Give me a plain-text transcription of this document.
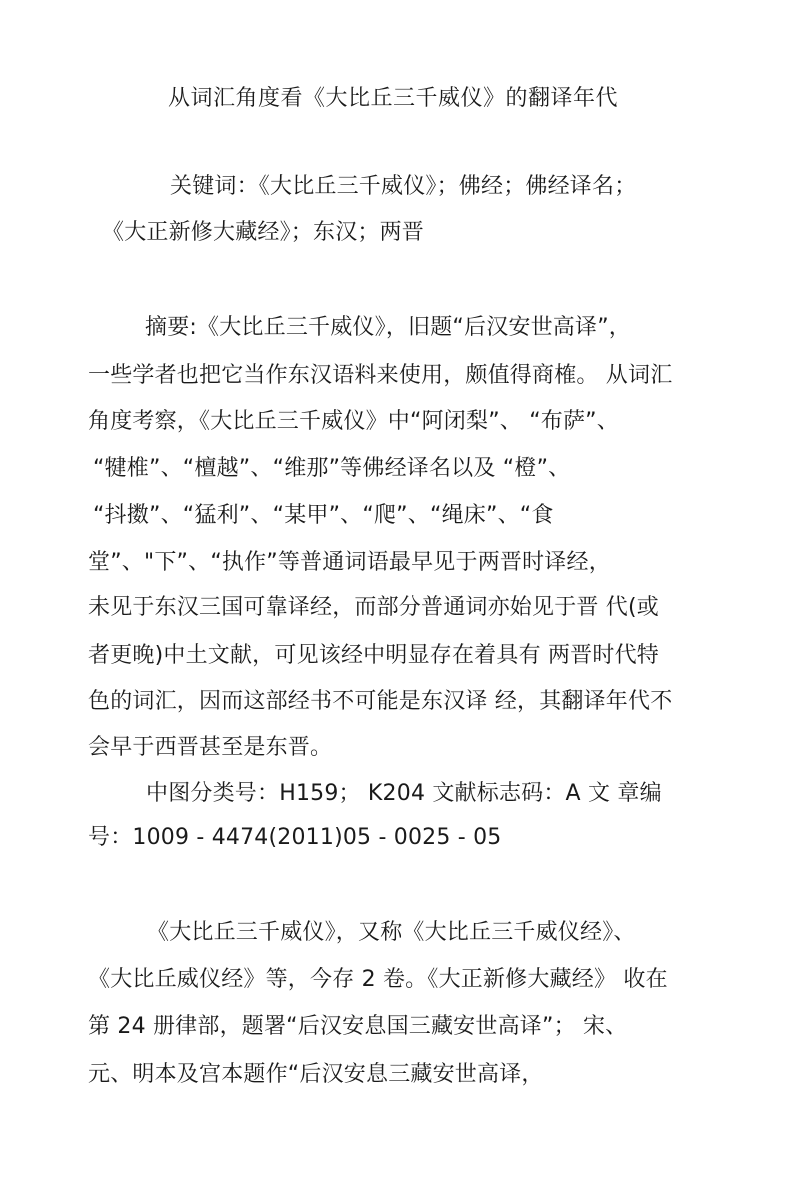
从词汇角度看《大比丘三千威仪》的翻译年代
关键词：《大比丘三千威仪》；佛经；佛经译名；
《大正新修大藏经》；东汉；两晋
摘要:《大比丘三千威仪》，旧题“后汉安世高译”，
一些学者也把它当作东汉语料来使用，颇值得商榷。 从词汇
角度考察，《大比丘三千威仪》中“阿闭梨”、 “布萨”、
“犍椎”、“檀越”、“维那”等佛经译名以及 “橙”、
“抖擞”、“猛利”、“某甲”、“爬”、“绳床”、“食
堂”、"下”、“执作”等普通词语最早见于两晋时译经，
未见于东汉三国可靠译经，而部分普通词亦始见于晋 代(或
者更晚)中土文献，可见该经中明显存在着具有 两晋时代特
色的词汇，因而这部经书不可能是东汉译 经，其翻译年代不
会早于西晋甚至是东晋。
中图分类号：H159； K204 文献标志码：A 文 章编
号：1009 - 4474(2011)05 - 0025 - 05
《大比丘三千威仪》，又称《大比丘三千威仪经》、
《大比丘威仪经》等，今存 2 卷。《大正新修大藏经》 收在
第 24 册律部，题署“后汉安息国三藏安世高译”； 宋、
元、明本及宫本题作“后汉安息三藏安世高译，
